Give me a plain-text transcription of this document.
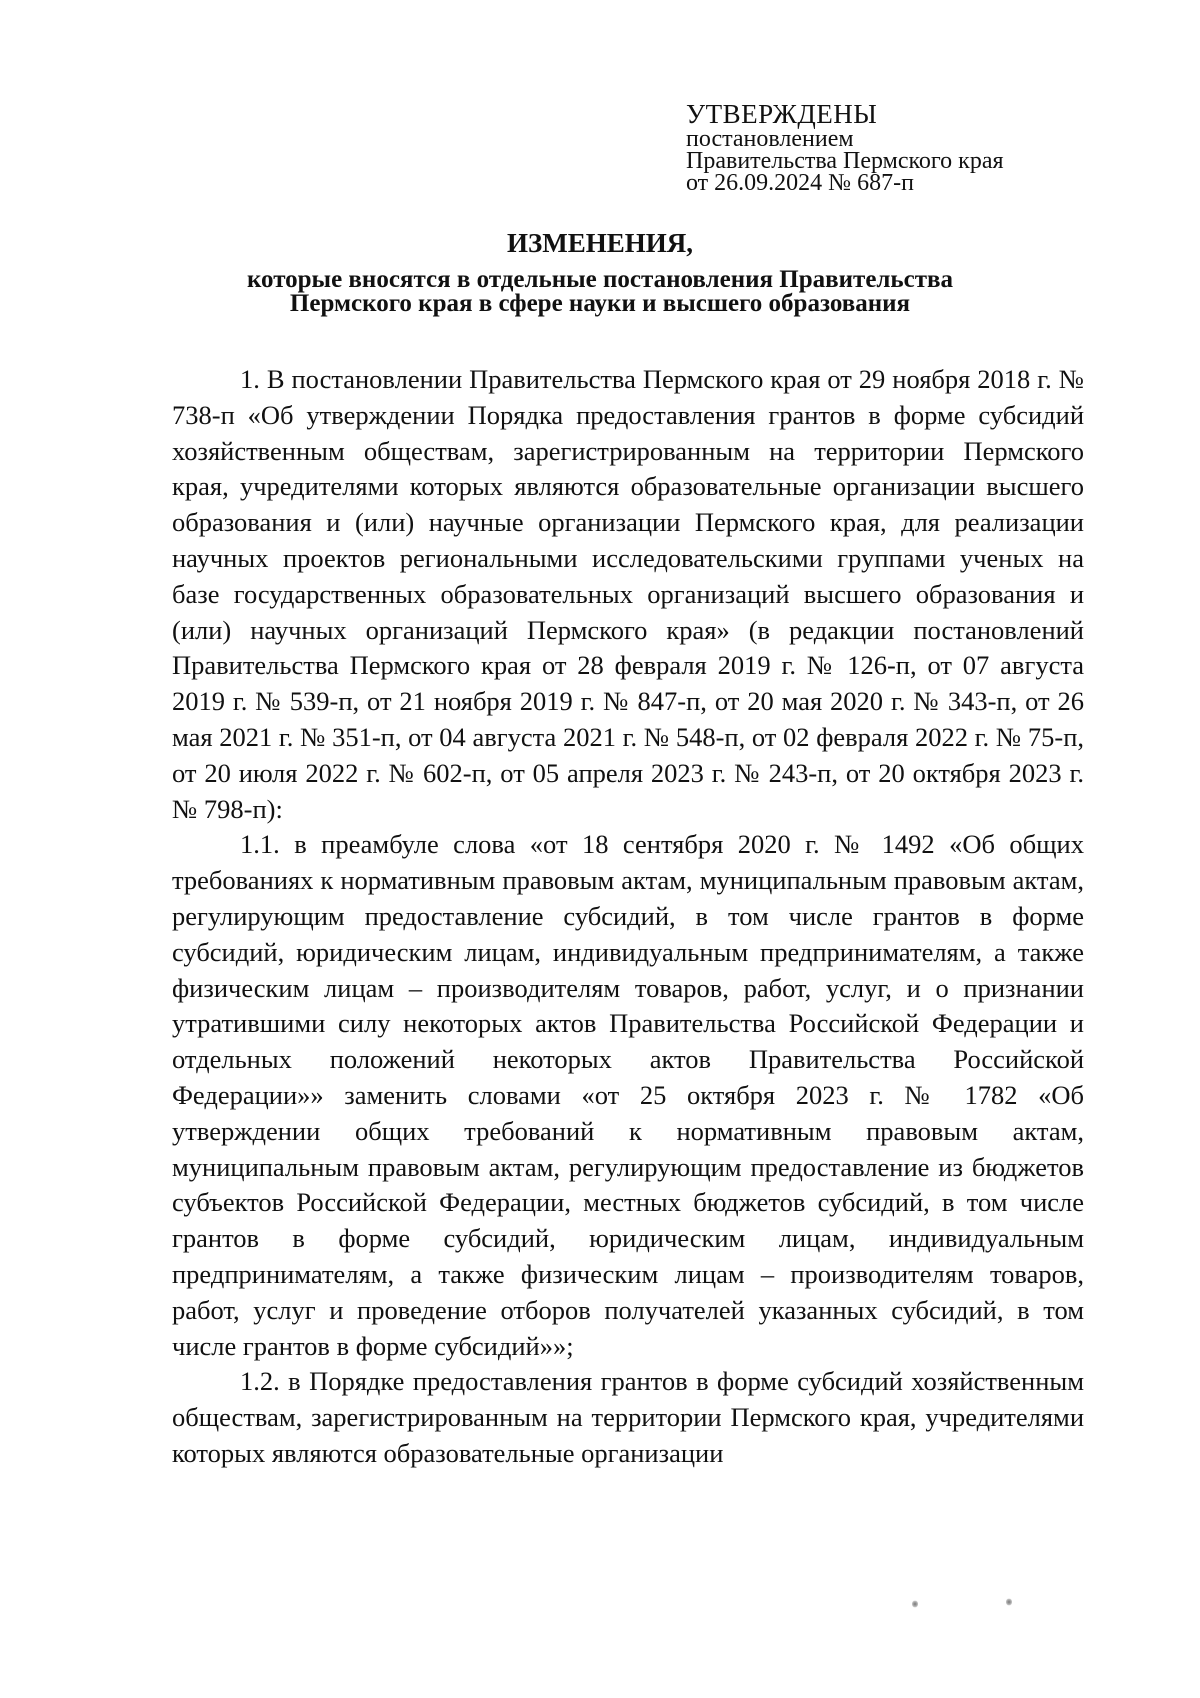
УТВЕРЖДЕНЫ
постановлением
Правительства Пермского края
от 26.09.2024 № 687-п
ИЗМЕНЕНИЯ,
которые вносятся в отдельные постановления Правительства
Пермского края в сфере науки и высшего образования

1. В постановлении Правительства Пермского края от 29 ноября 2018 г. № 738-п «Об утверждении Порядка предоставления грантов в форме субсидий хозяйственным обществам, зарегистрированным на территории Пермского края, учредителями которых являются образовательные организации высшего образования и (или) научные организации Пермского края, для реализации научных проектов региональными исследовательскими группами ученых на базе государственных образовательных организаций высшего образования и (или) научных организаций Пермского края» (в редакции постановлений Правительства Пермского края от 28 февраля 2019 г. № 126-п, от 07 августа 2019 г. № 539-п, от 21 ноября 2019 г. № 847-п, от 20 мая 2020 г. № 343-п, от 26 мая 2021 г. № 351-п, от 04 августа 2021 г. № 548-п, от 02 февраля 2022 г. № 75-п, от 20 июля 2022 г. № 602-п, от 05 апреля 2023 г. № 243-п, от 20 октября 2023 г. № 798-п):

1.1. в преамбуле слова «от 18 сентября 2020 г. № 1492 «Об общих требованиях к нормативным правовым актам, муниципальным правовым актам, регулирующим предоставление субсидий, в том числе грантов в форме субсидий, юридическим лицам, индивидуальным предпринимателям, а также физическим лицам – производителям товаров, работ, услуг, и о признании утратившими силу некоторых актов Правительства Российской Федерации и отдельных положений некоторых актов Правительства Российской Федерации»» заменить словами «от 25 октября 2023 г. № 1782 «Об утверждении общих требований к нормативным правовым актам, муниципальным правовым актам, регулирующим предоставление из бюджетов субъектов Российской Федерации, местных бюджетов субсидий, в том числе грантов в форме субсидий, юридическим лицам, индивидуальным предпринимателям, а также физическим лицам – производителям товаров, работ, услуг и проведение отборов получателей указанных субсидий, в том числе грантов в форме субсидий»»;

1.2. в Порядке предоставления грантов в форме субсидий хозяйственным обществам, зарегистрированным на территории Пермского края, учредителями которых являются образовательные организации
